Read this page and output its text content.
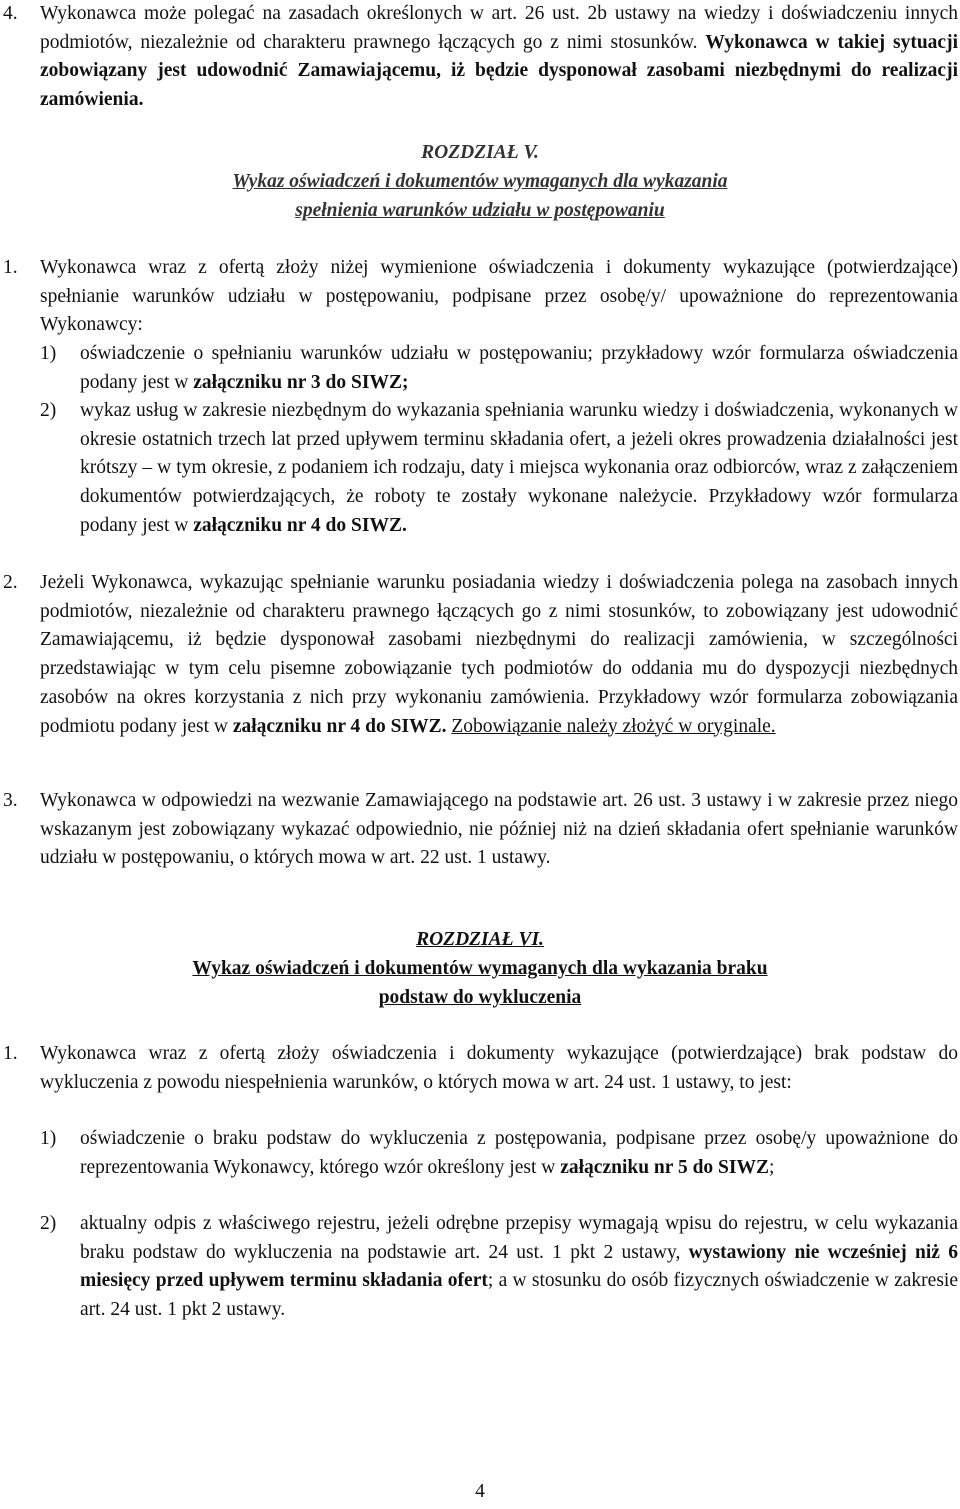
4. Wykonawca może polegać na zasadach określonych w art. 26 ust. 2b ustawy na wiedzy i doświadczeniu innych podmiotów, niezależnie od charakteru prawnego łączących go z nimi stosunków. Wykonawca w takiej sytuacji zobowiązany jest udowodnić Zamawiającemu, iż będzie dysponował zasobami niezbędnymi do realizacji zamówienia.
ROZDZIAŁ V.
Wykaz oświadczeń i dokumentów wymaganych dla wykazania
spełnienia warunków udziału w postępowaniu
1. Wykonawca wraz z ofertą złoży niżej wymienione oświadczenia i dokumenty wykazujące (potwierdzające) spełnianie warunków udziału w postępowaniu, podpisane przez osobę/y/ upoważnione do reprezentowania Wykonawcy:
1) oświadczenie o spełnianiu warunków udziału w postępowaniu; przykładowy wzór formularza oświadczenia podany jest w załączniku nr 3 do SIWZ;
2) wykaz usług w zakresie niezbędnym do wykazania spełniania warunku wiedzy i doświadczenia, wykonanych w okresie ostatnich trzech lat przed upływem terminu składania ofert, a jeżeli okres prowadzenia działalności jest krótszy – w tym okresie, z podaniem ich rodzaju, daty i miejsca wykonania oraz odbiorców, wraz z załączeniem dokumentów potwierdzających, że roboty te zostały wykonane należycie. Przykładowy wzór formularza podany jest w załączniku nr 4 do SIWZ.
2. Jeżeli Wykonawca, wykazując spełnianie warunku posiadania wiedzy i doświadczenia polega na zasobach innych podmiotów, niezależnie od charakteru prawnego łączących go z nimi stosunków, to zobowiązany jest udowodnić Zamawiającemu, iż będzie dysponował zasobami niezbędnymi do realizacji zamówienia, w szczególności przedstawiając w tym celu pisemne zobowiązanie tych podmiotów do oddania mu do dyspozycji niezbędnych zasobów na okres korzystania z nich przy wykonaniu zamówienia. Przykładowy wzór formularza zobowiązania podmiotu podany jest w załączniku nr 4 do SIWZ. Zobowiązanie należy złożyć w oryginale.
3. Wykonawca w odpowiedzi na wezwanie Zamawiającego na podstawie art. 26 ust. 3 ustawy i w zakresie przez niego wskazanym jest zobowiązany wykazać odpowiednio, nie później niż na dzień składania ofert spełnianie warunków udziału w postępowaniu, o których mowa w art. 22 ust. 1 ustawy.
ROZDZIAŁ VI.
Wykaz oświadczeń i dokumentów wymaganych dla wykazania braku
podstaw do wykluczenia
1. Wykonawca wraz z ofertą złoży oświadczenia i dokumenty wykazujące (potwierdzające) brak podstaw do wykluczenia z powodu niespełnienia warunków, o których mowa w art. 24 ust. 1 ustawy, to jest:
1) oświadczenie o braku podstaw do wykluczenia z postępowania, podpisane przez osobę/y upoważnione do reprezentowania Wykonawcy, którego wzór określony jest w załączniku nr 5 do SIWZ;
2) aktualny odpis z właściwego rejestru, jeżeli odrębne przepisy wymagają wpisu do rejestru, w celu wykazania braku podstaw do wykluczenia na podstawie art. 24 ust. 1 pkt 2 ustawy, wystawiony nie wcześniej niż 6 miesięcy przed upływem terminu składania ofert; a w stosunku do osób fizycznych oświadczenie w zakresie art. 24 ust. 1 pkt 2 ustawy.
4
